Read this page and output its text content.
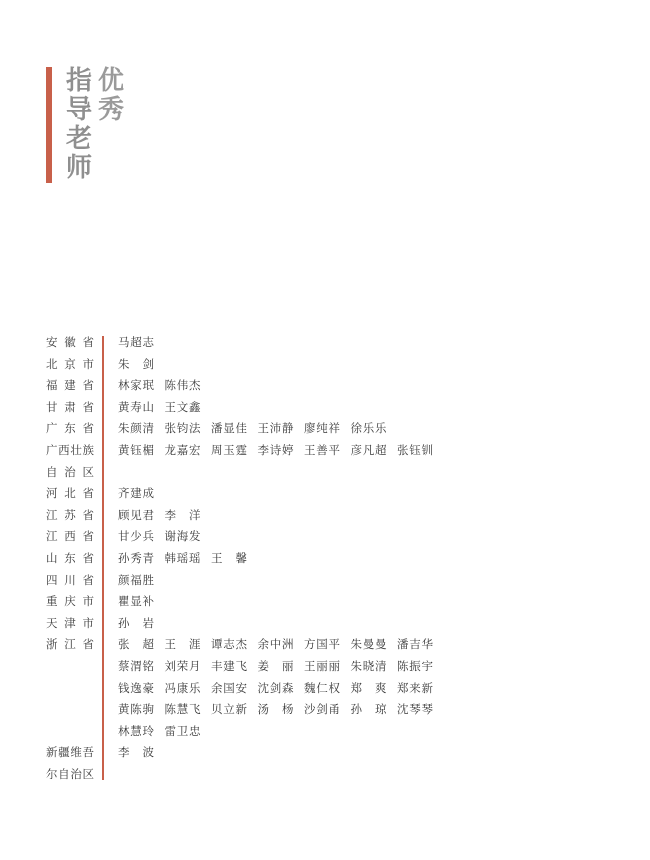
指
导
老
师
优
秀
安徽省 马超志
北京市 朱剑
福建省 林家珉 陈伟杰
甘肃省 黄寿山 王文鑫
广东省 朱颜清 张钧法 潘显佳 王沛静 廖纯祥 徐乐乐
广西壮族 黄钰楣 龙嘉宏 周玉霆 李诗婷 王善平 彦凡超 张钰钏
自治区
河北省 齐建成
江苏省 顾见君 李洋
江西省 甘少兵 谢海发
山东省 孙秀青 韩瑶瑶 王馨
四川省 颜福胜
重庆市 瞿显补
天津市 孙岩
浙江省 张超 王涯 谭志杰 余中洲 方国平 朱曼曼 潘吉华
蔡渭铭 刘荣月 丰建飞 姜丽 王丽丽 朱晓清 陈振宇
钱逸豪 冯康乐 余国安 沈剑森 魏仁权 郑爽 郑来新
黄陈驹 陈慧飞 贝立新 汤杨 沙剑甬 孙琼 沈琴琴
林慧玲 雷卫忠
新疆维吾 李波
尔自治区
